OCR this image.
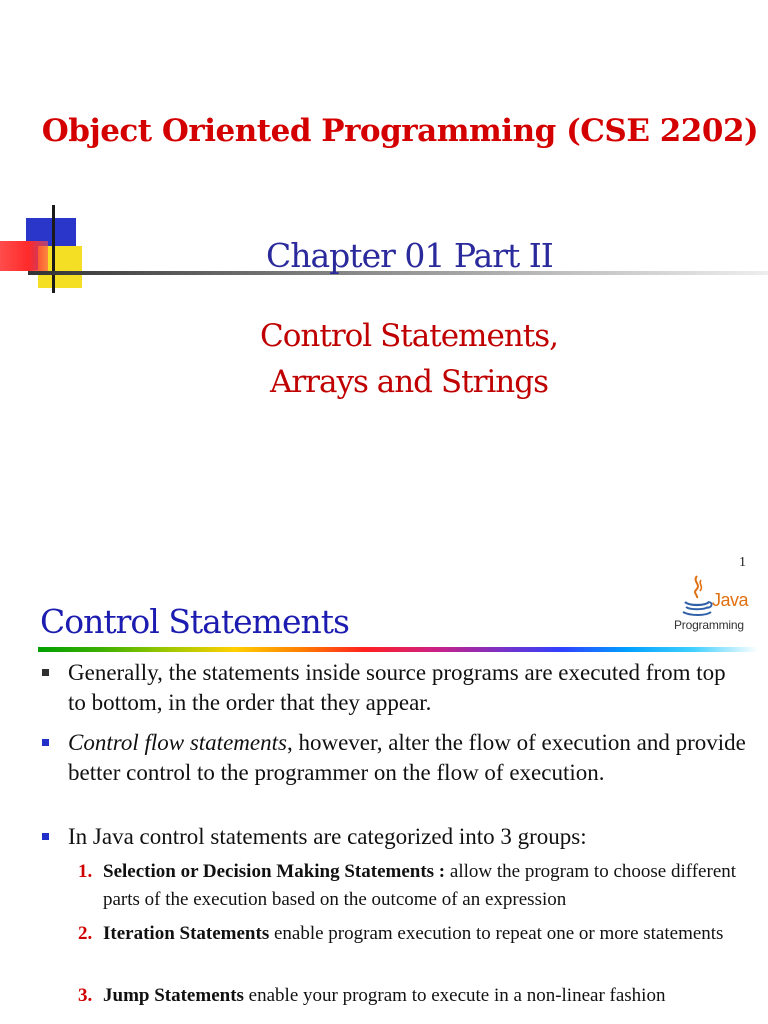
Object Oriented Programming (CSE 2202)
Chapter 01 Part II
Control Statements,
Arrays and Strings
1
Control Statements
Java
Programming
Generally, the statements inside source programs are executed from top to bottom, in the order that they appear.
Control flow statements, however, alter the flow of execution and provide better control to the programmer on the flow of execution.
In Java control statements are categorized into 3 groups:
1. Selection or Decision Making Statements : allow the program to choose different parts of the execution based on the outcome of an expression
2. Iteration Statements enable program execution to repeat one or more statements
3. Jump Statements enable your program to execute in a non-linear fashion
